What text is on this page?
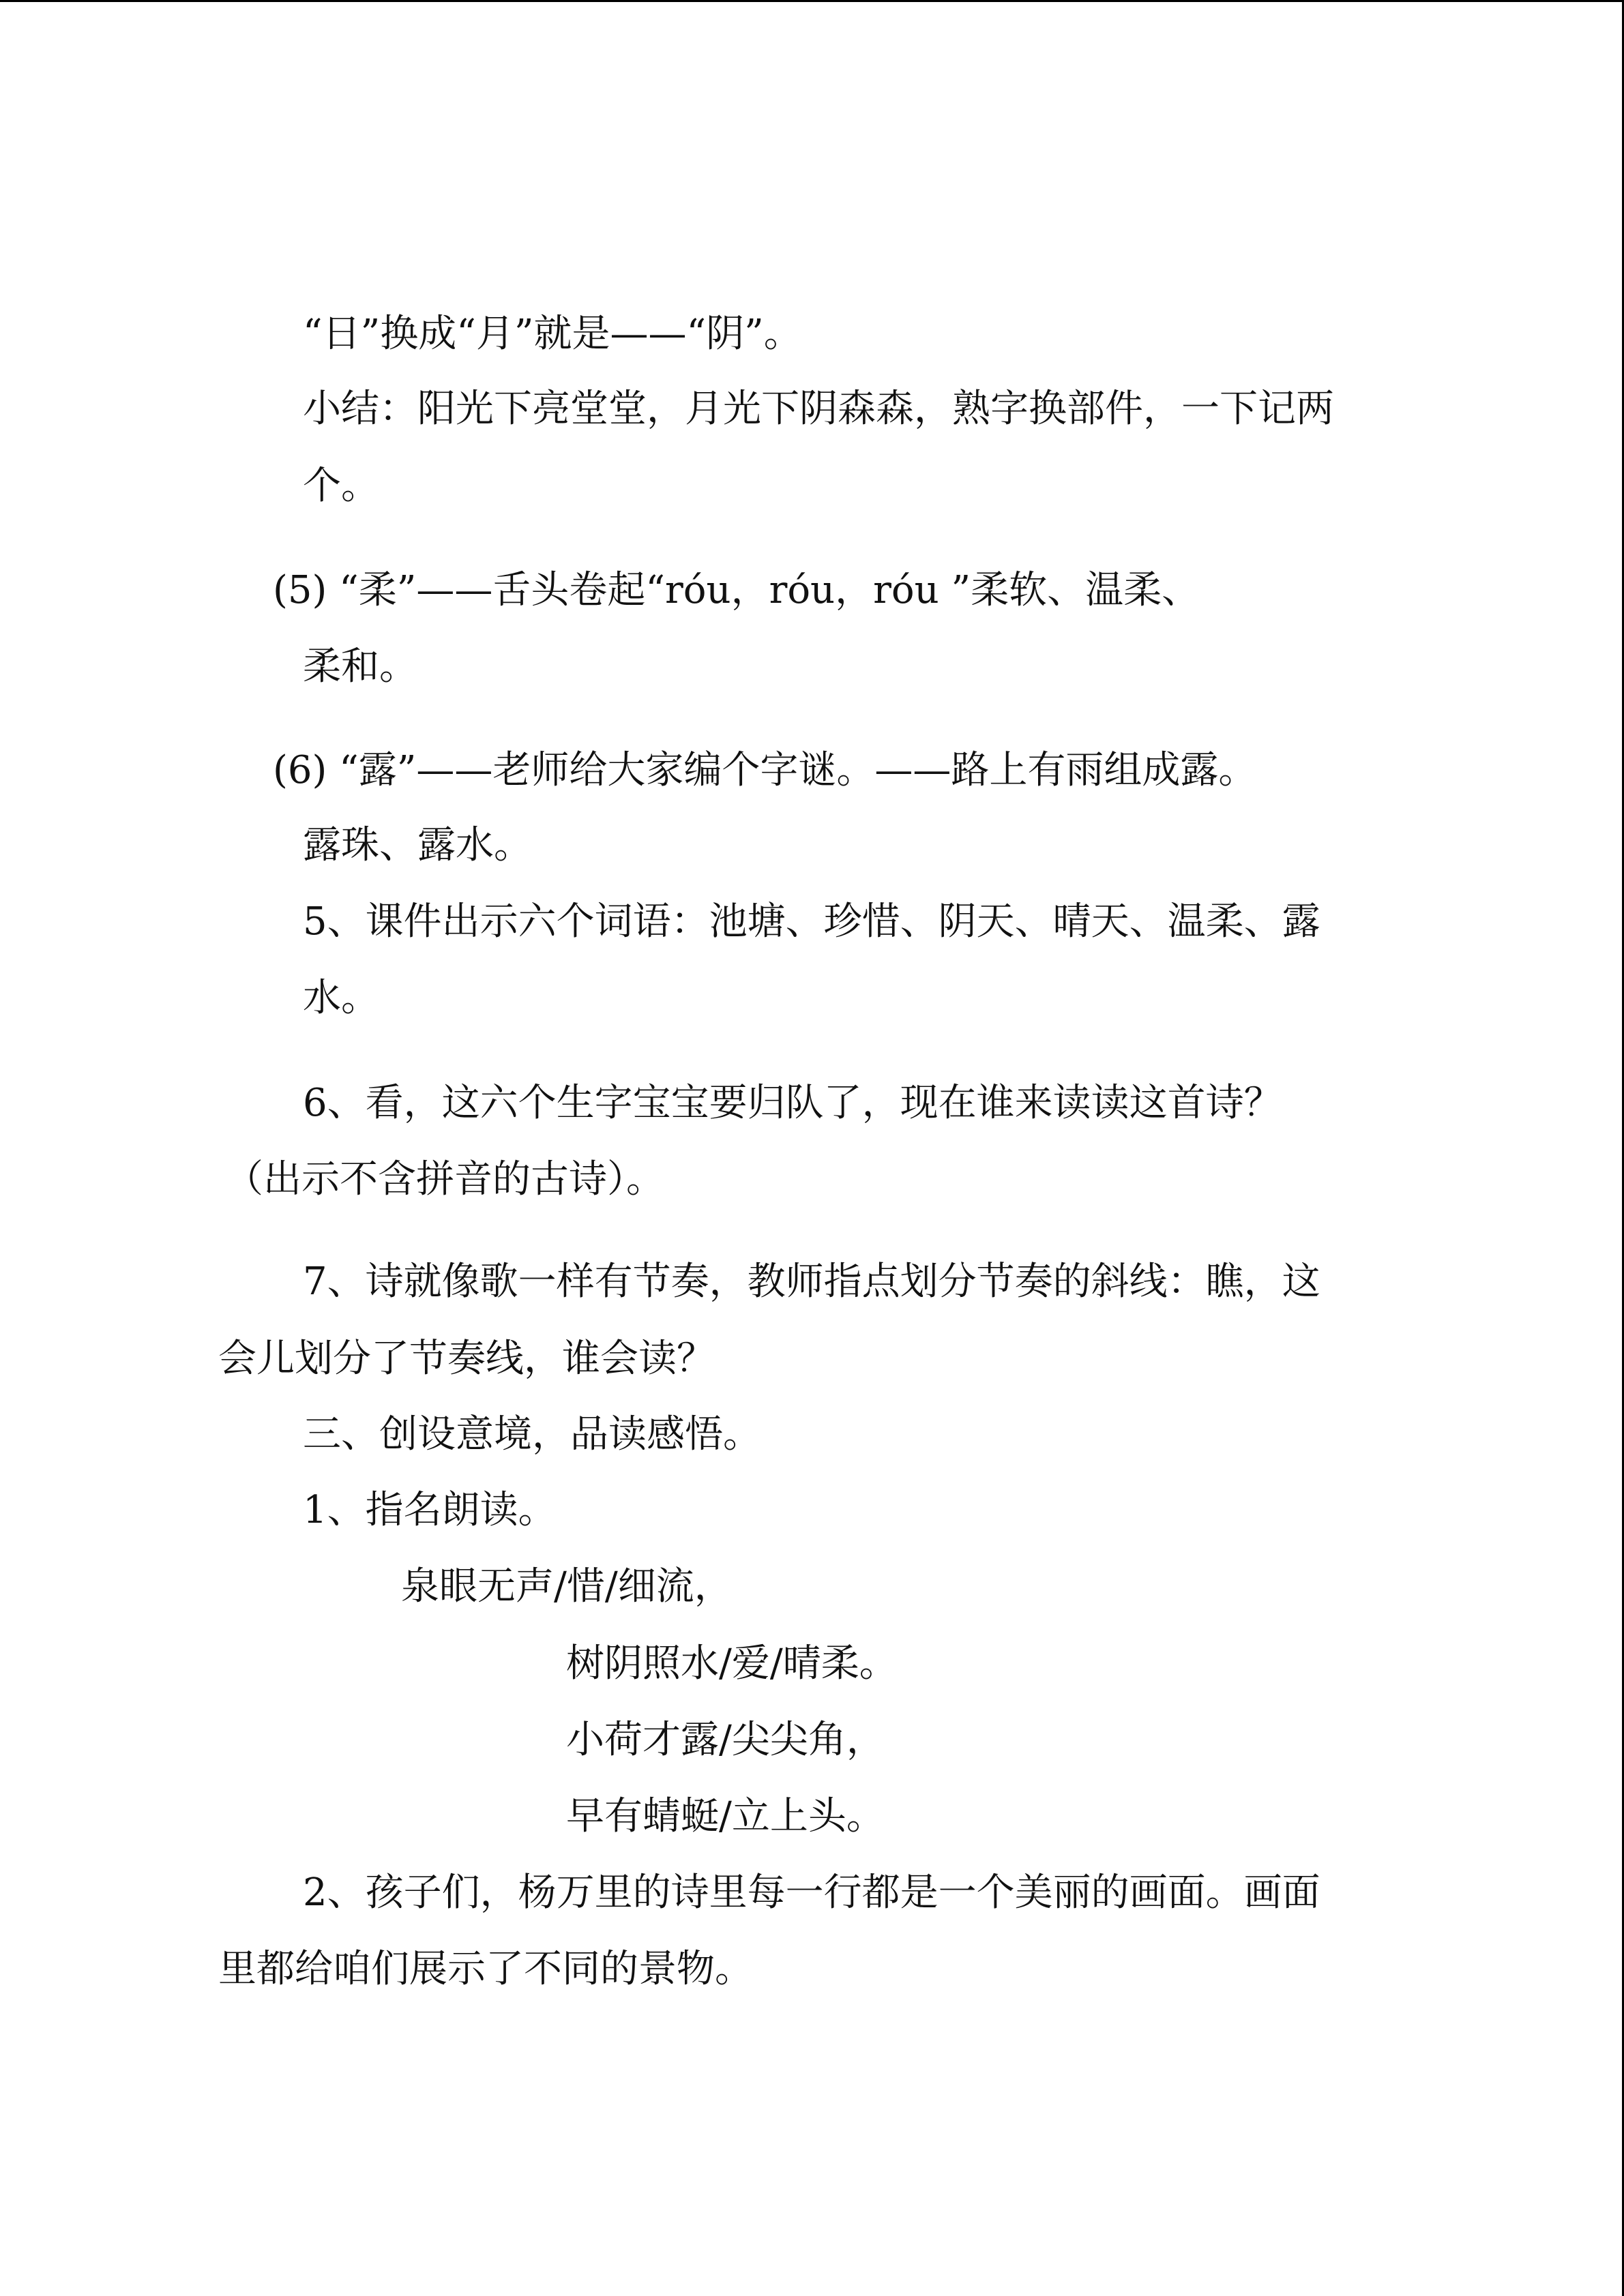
“日”换成“月”就是——“阴”。
小结：阳光下亮堂堂，月光下阴森森，熟字换部件，一下记两
个。
(5) “柔”——舌头卷起“róu，róu，róu ”柔软、温柔、
柔和。
(6) “露”——老师给大家编个字谜。——路上有雨组成露。
露珠、露水。
5、课件出示六个词语：池塘、珍惜、阴天、晴天、温柔、露
水。
6、看，这六个生字宝宝要归队了，现在谁来读读这首诗？
（出示不含拼音的古诗）。
7、诗就像歌一样有节奏，教师指点划分节奏的斜线：瞧，这
会儿划分了节奏线，谁会读？
三、创设意境，品读感悟。
1、指名朗读。
泉眼无声/惜/细流，
树阴照水/爱/晴柔。
小荷才露/尖尖角，
早有蜻蜓/立上头。
2、孩子们，杨万里的诗里每一行都是一个美丽的画面。画面
里都给咱们展示了不同的景物。
